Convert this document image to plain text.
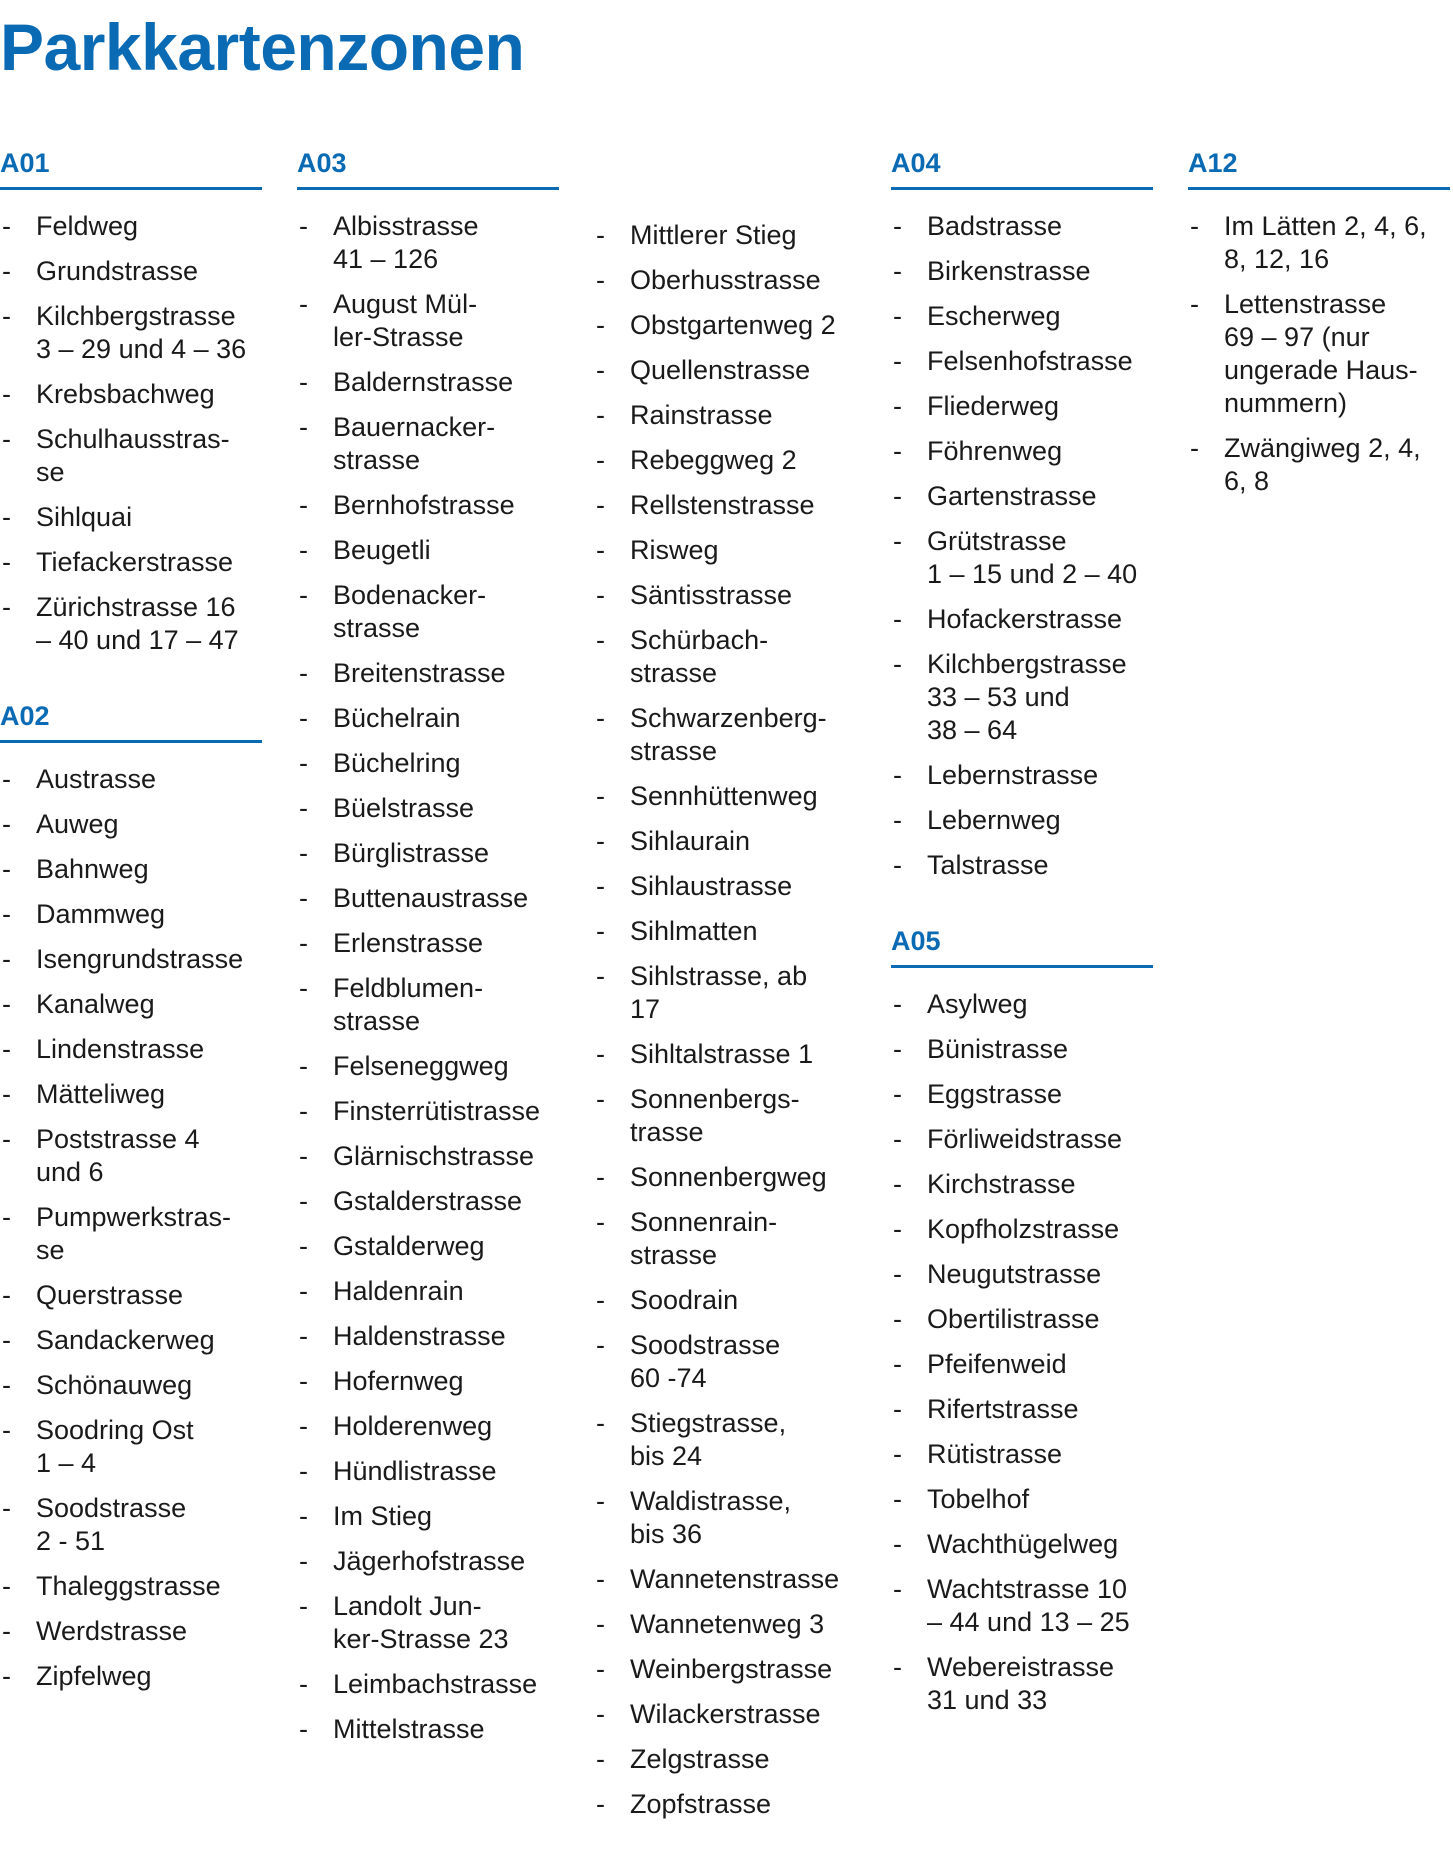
Parkkartenzonen
A01
- Feldweg
- Grundstrasse
- Kilchbergstrasse
3 – 29 und 4 – 36
- Krebsbachweg
- Schulhausstras-
se
- Sihlquai
- Tiefackerstrasse
- Zürichstrasse 16
– 40 und 17 – 47
A02
- Austrasse
- Auweg
- Bahnweg
- Dammweg
- Isengrundstrasse
- Kanalweg
- Lindenstrasse
- Mätteliweg
- Poststrasse 4
und 6
- Pumpwerkstras-
se
- Querstrasse
- Sandackerweg
- Schönauweg
- Soodring Ost
1 – 4
- Soodstrasse
2 - 51
- Thaleggstrasse
- Werdstrasse
- Zipfelweg
A03
- Albisstrasse
41 – 126
- August Mül-
ler-Strasse
- Baldernstrasse
- Bauernacker-
strasse
- Bernhofstrasse
- Beugetli
- Bodenacker-
strasse
- Breitenstrasse
- Büchelrain
- Büchelring
- Büelstrasse
- Bürglistrasse
- Buttenaustrasse
- Erlenstrasse
- Feldblumen-
strasse
- Felseneggweg
- Finsterrütistrasse
- Glärnischstrasse
- Gstalderstrasse
- Gstalderweg
- Haldenrain
- Haldenstrasse
- Hofernweg
- Holderenweg
- Hündlistrasse
- Im Stieg
- Jägerhofstrasse
- Landolt Jun-
ker-Strasse 23
- Leimbachstrasse
- Mittelstrasse
- Mittlerer Stieg
- Oberhusstrasse
- Obstgartenweg 2
- Quellenstrasse
- Rainstrasse
- Rebeggweg 2
- Rellstenstrasse
- Risweg
- Säntisstrasse
- Schürbach-
strasse
- Schwarzenberg-
strasse
- Sennhüttenweg
- Sihlaurain
- Sihlaustrasse
- Sihlmatten
- Sihlstrasse, ab
17
- Sihltalstrasse 1
- Sonnenbergs-
trasse
- Sonnenbergweg
- Sonnenrain-
strasse
- Soodrain
- Soodstrasse
60 -74
- Stiegstrasse,
bis 24
- Waldistrasse,
bis 36
- Wannetenstrasse
- Wannetenweg 3
- Weinbergstrasse
- Wilackerstrasse
- Zelgstrasse
- Zopfstrasse
A04
- Badstrasse
- Birkenstrasse
- Escherweg
- Felsenhofstrasse
- Fliederweg
- Föhrenweg
- Gartenstrasse
- Grütstrasse
1 – 15 und 2 – 40
- Hofackerstrasse
- Kilchbergstrasse
33 – 53 und
38 – 64
- Lebernstrasse
- Lebernweg
- Talstrasse
A05
- Asylweg
- Bünistrasse
- Eggstrasse
- Förliweidstrasse
- Kirchstrasse
- Kopfholzstrasse
- Neugutstrasse
- Obertilistrasse
- Pfeifenweid
- Rifertstrasse
- Rütistrasse
- Tobelhof
- Wachthügelweg
- Wachtstrasse 10
– 44 und 13 – 25
- Webereistrasse
31 und 33
A12
- Im Lätten 2, 4, 6,
8, 12, 16
- Lettenstrasse
69 – 97 (nur
ungerade Haus-
nummern)
- Zwängiweg 2, 4,
6, 8
